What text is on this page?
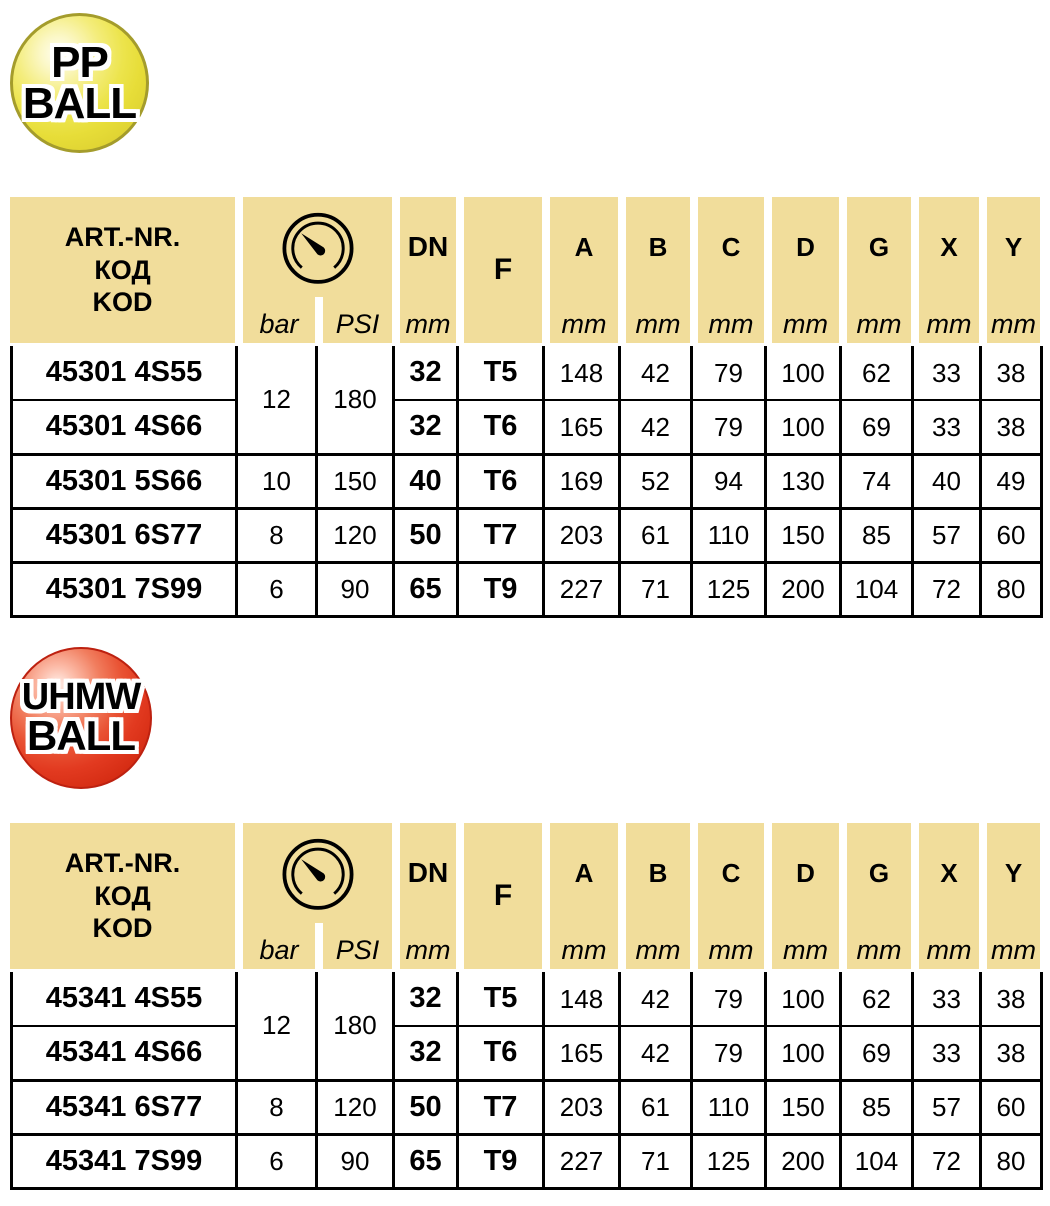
PP
BALL
ART.-NR.
КОД
KOD			DN	F	A	B	C	D	G	X	Y
	bar	PSI	mm		mm	mm	mm	mm	mm	mm	mm
45301 4S55	12	180	32	T5	148	42	79	100	62	33	38
45301 4S66			32	T6	165	42	79	100	69	33	38
45301 5S66	10	150	40	T6	169	52	94	130	74	40	49
45301 6S77	8	120	50	T7	203	61	110	150	85	57	60
45301 7S99	6	90	65	T9	227	71	125	200	104	72	80
UHMW
BALL
ART.-NR.
КОД
KOD			DN	F	A	B	C	D	G	X	Y
	bar	PSI	mm		mm	mm	mm	mm	mm	mm	mm
45341 4S55	12	180	32	T5	148	42	79	100	62	33	38
45341 4S66			32	T6	165	42	79	100	69	33	38
45341 6S77	8	120	50	T7	203	61	110	150	85	57	60
45341 7S99	6	90	65	T9	227	71	125	200	104	72	80
